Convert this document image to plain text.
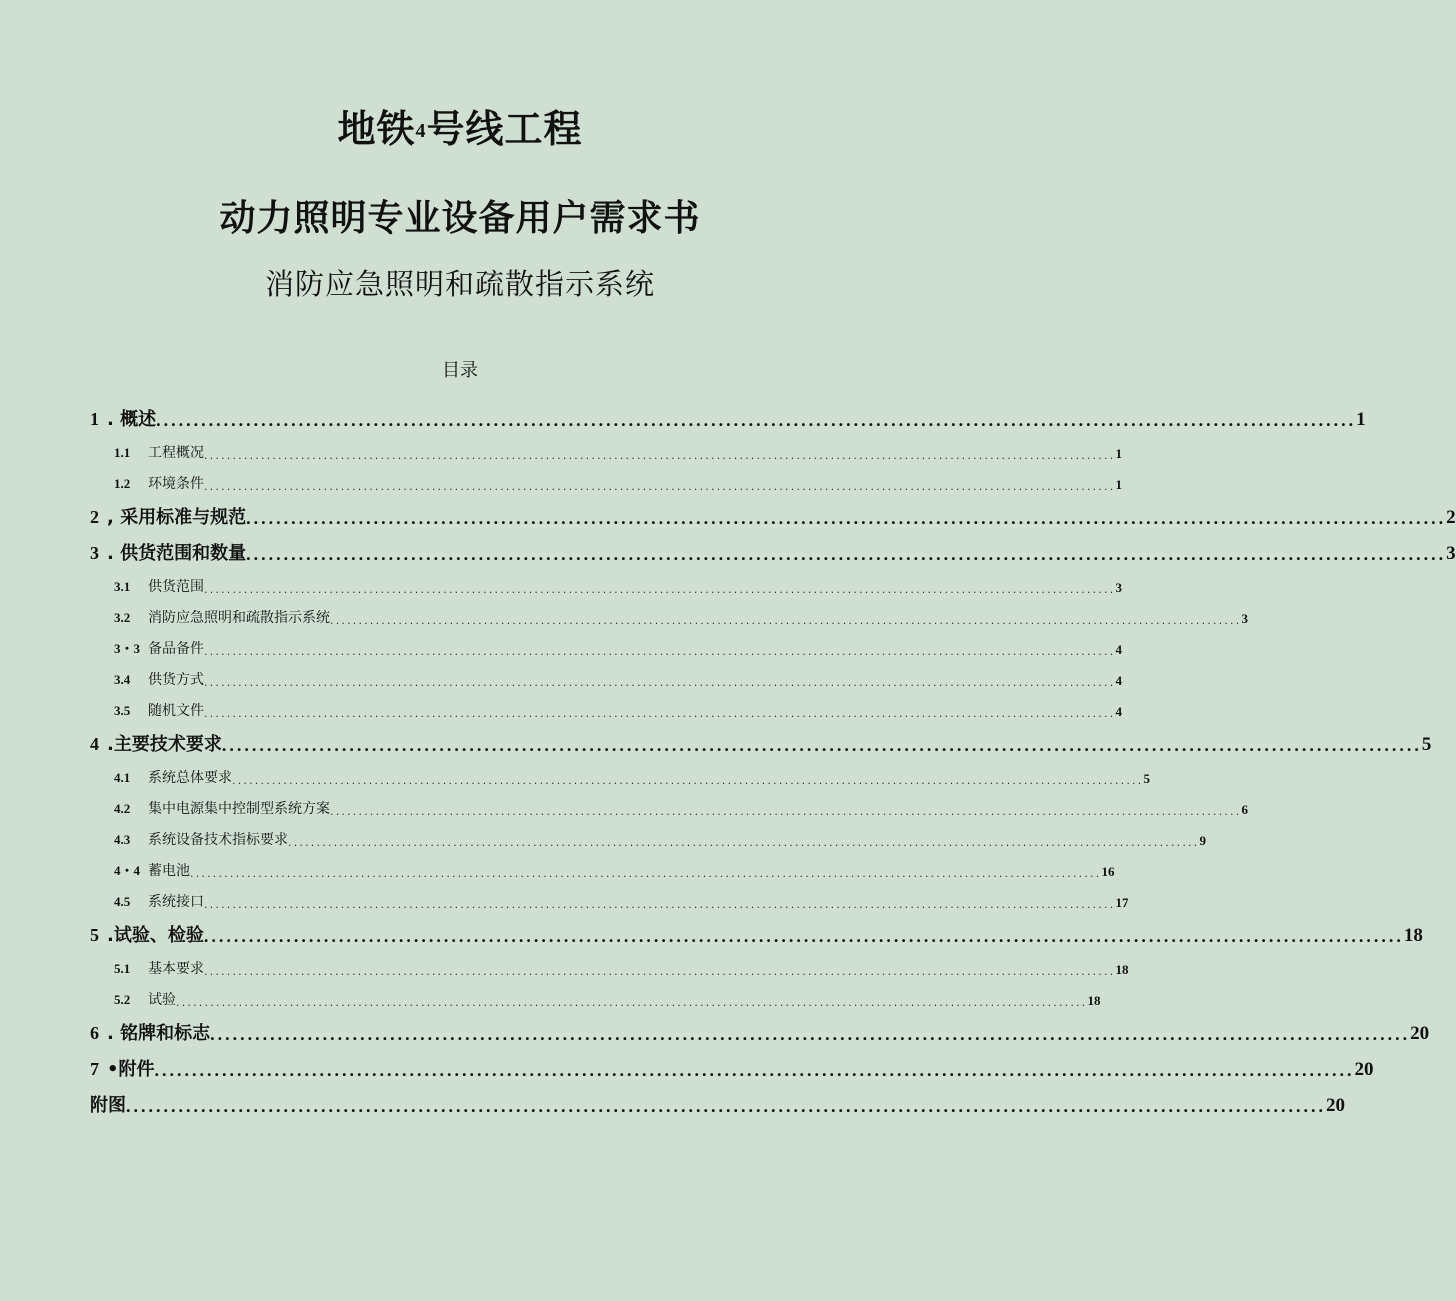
地铁4号线工程
动力照明专业设备用户需求书
消防应急照明和疏散指示系统
目录
1 . 概述 ................................................................................................................................................................ 1
1.1 工程概况 ................................................................................................................................................................ 1
1.2 环境条件 ................................................................................................................................................................ 1
2 , 采用标准与规范 ................................................................................................................................................................ 2
3 . 供货范围和数量 ................................................................................................................................................................ 3
3.1 供货范围 ................................................................................................................................................................ 3
3.2 消防应急照明和疏散指示系统 ................................................................................................................................................................ 3
3・3 备品备件 ................................................................................................................................................................ 4
3.4 供货方式 ................................................................................................................................................................ 4
3.5 随机文件 ................................................................................................................................................................ 4
4 .主要技术要求 ................................................................................................................................................................ 5
4.1 系统总体要求 ................................................................................................................................................................ 5
4.2 集中电源集中控制型系统方案 ................................................................................................................................................................ 6
4.3 系统设备技术指标要求 ................................................................................................................................................................ 9
4・4 蓄电池 ................................................................................................................................................................ 16
4.5 系统接口 ................................................................................................................................................................ 17
5 .试验、检验 ................................................................................................................................................................ 18
5.1 基本要求 ................................................................................................................................................................ 18
5.2 试验 ................................................................................................................................................................ 18
6 . 铭牌和标志 ................................................................................................................................................................ 20
7 •附件 ................................................................................................................................................................ 20
附图 ................................................................................................................................................................ 20
